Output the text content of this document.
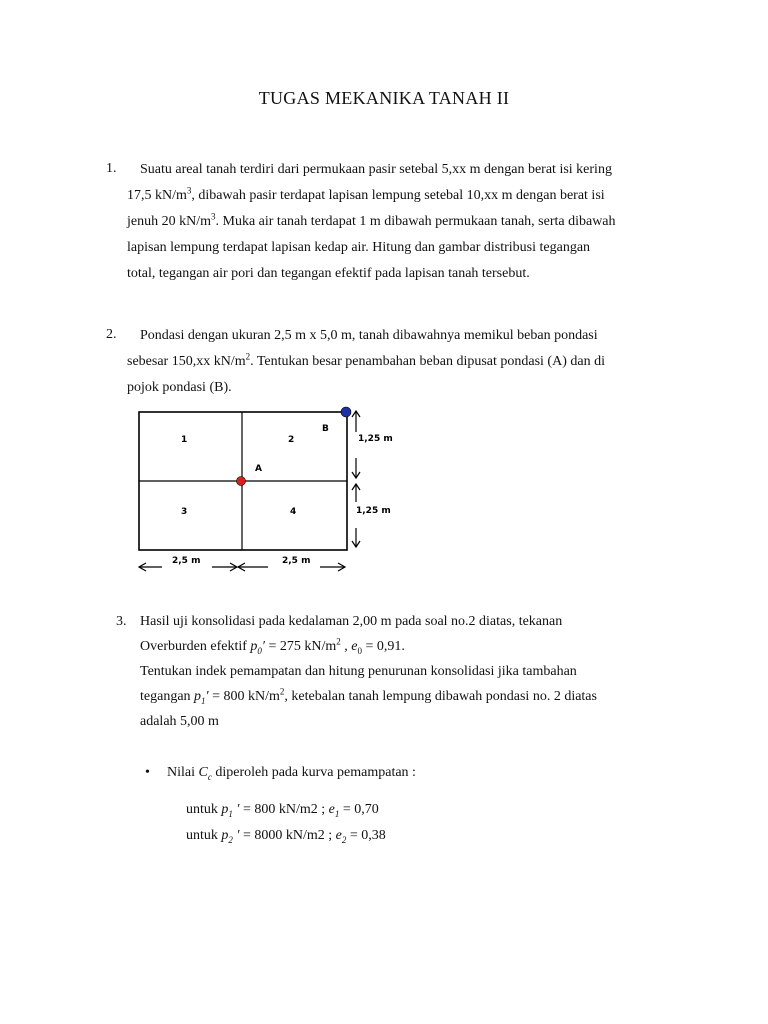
TUGAS MEKANIKA TANAH II
1.	Suatu areal tanah terdiri dari permukaan pasir setebal 5,xx m dengan berat isi kering
17,5 $kN/m^3$, dibawah pasir terdapat lapisan lempung setebal 10,xx m dengan berat isi
jenuh 20 $kN/m^3$. Muka air tanah terdapat 1 m dibawah permukaan tanah, serta dibawah
lapisan lempung terdapat lapisan kedap air. Hitung dan gambar distribusi tegangan
total, tegangan air pori dan tegangan efektif pada lapisan tanah tersebut.
2.	Pondasi dengan ukuran 2,5 m x 5,0 m, tanah dibawahnya memikul beban pondasi
sebesar 150,xx $kN/m^2$. Tentukan besar penambahan beban dipusat pondasi (A) dan di
pojok pondasi (B).
1	2
3	4
A
B
1,25 m
1,25 m
2,5 m	2,5 m
3. Hasil uji konsolidasi pada kedalaman 2,00 m pada soal no.2 diatas, tekanan
Overburden efektif $p_0' = 275$ $kN/m^2$ , $e_0 = 0,91$.
Tentukan indek pemampatan dan hitung penurunan konsolidasi jika tambahan
tegangan $p_1' = 800$ $kN/m^2$, ketebalan tanah lempung dibawah pondasi no. 2 diatas
adalah 5,00 m
• Nilai $C_c$ diperoleh pada kurva pemampatan :
untuk $p_1$ ′ = 800 kN/m2 ; $e_1 = 0,70$
untuk $p_2$ ′ = 8000 kN/m2 ; $e_2 = 0,38$
